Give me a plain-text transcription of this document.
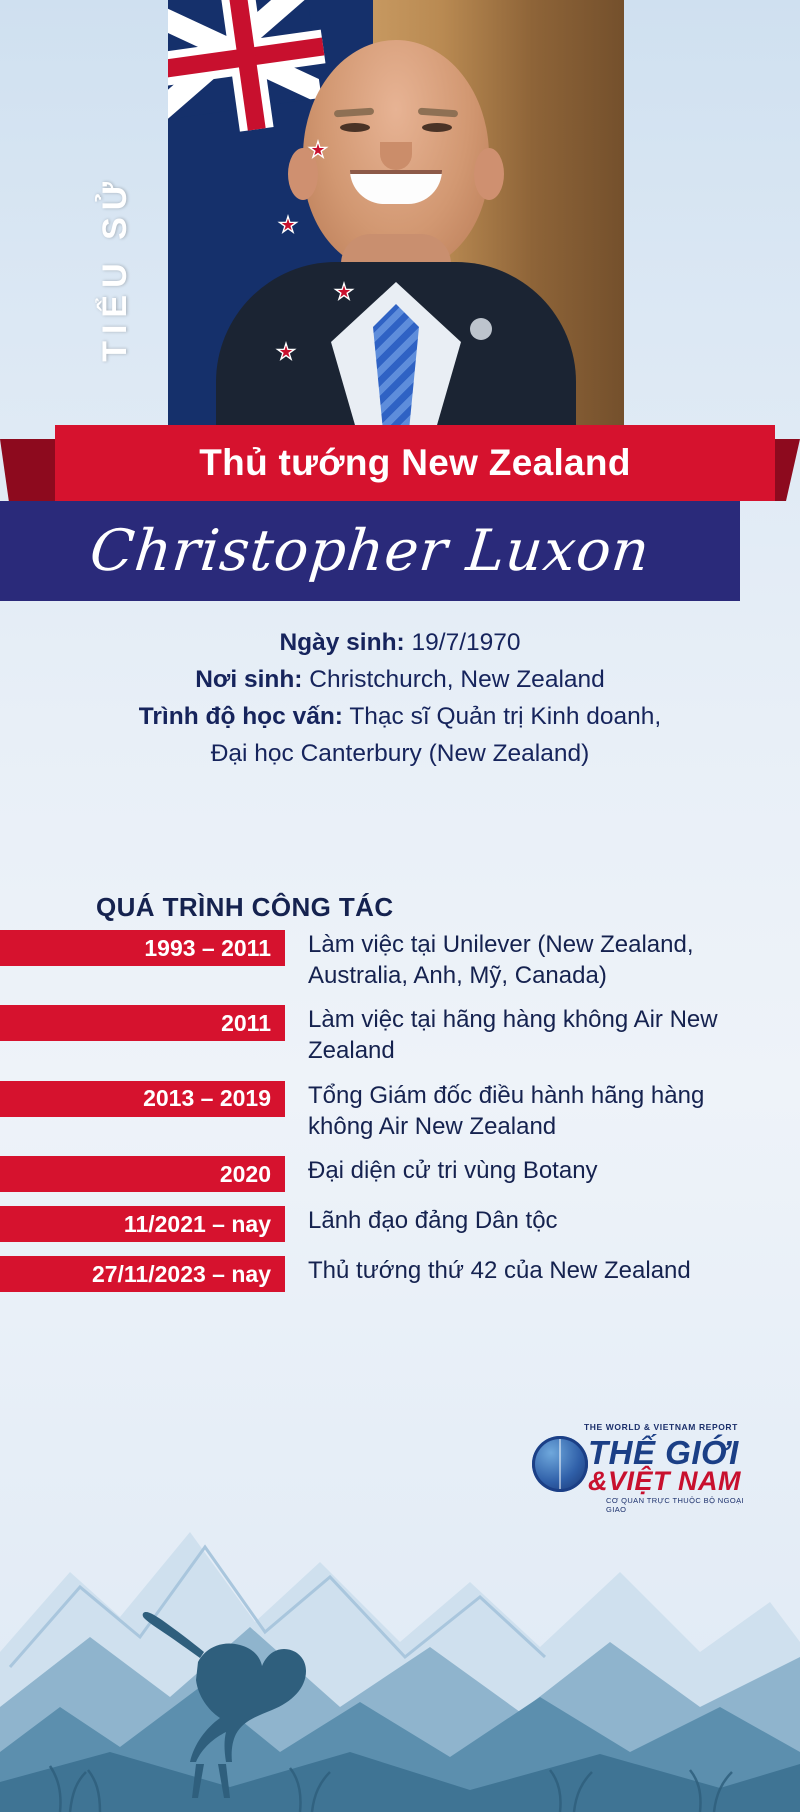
TIỂU SỬ
Thủ tướng New Zealand
Christopher Luxon
Ngày sinh: 19/7/1970
Nơi sinh: Christchurch, New Zealand
Trình độ học vấn: Thạc sĩ Quản trị Kinh doanh,
Đại học Canterbury (New Zealand)
QUÁ TRÌNH CÔNG TÁC
1993 – 2011	Làm việc tại Unilever (New Zealand, Australia, Anh, Mỹ, Canada)
2011	Làm việc tại hãng hàng không Air New Zealand
2013 – 2019	Tổng Giám đốc điều hành hãng hàng không Air New Zealand
2020	Đại diện cử tri vùng Botany
11/2021 – nay	Lãnh đạo đảng Dân tộc
27/11/2023 – nay	Thủ tướng thứ 42 của New Zealand
THE WORLD & VIETNAM REPORT
THẾ GIỚI
&VIỆT NAM
CƠ QUAN TRỰC THUỘC BỘ NGOẠI GIAO
